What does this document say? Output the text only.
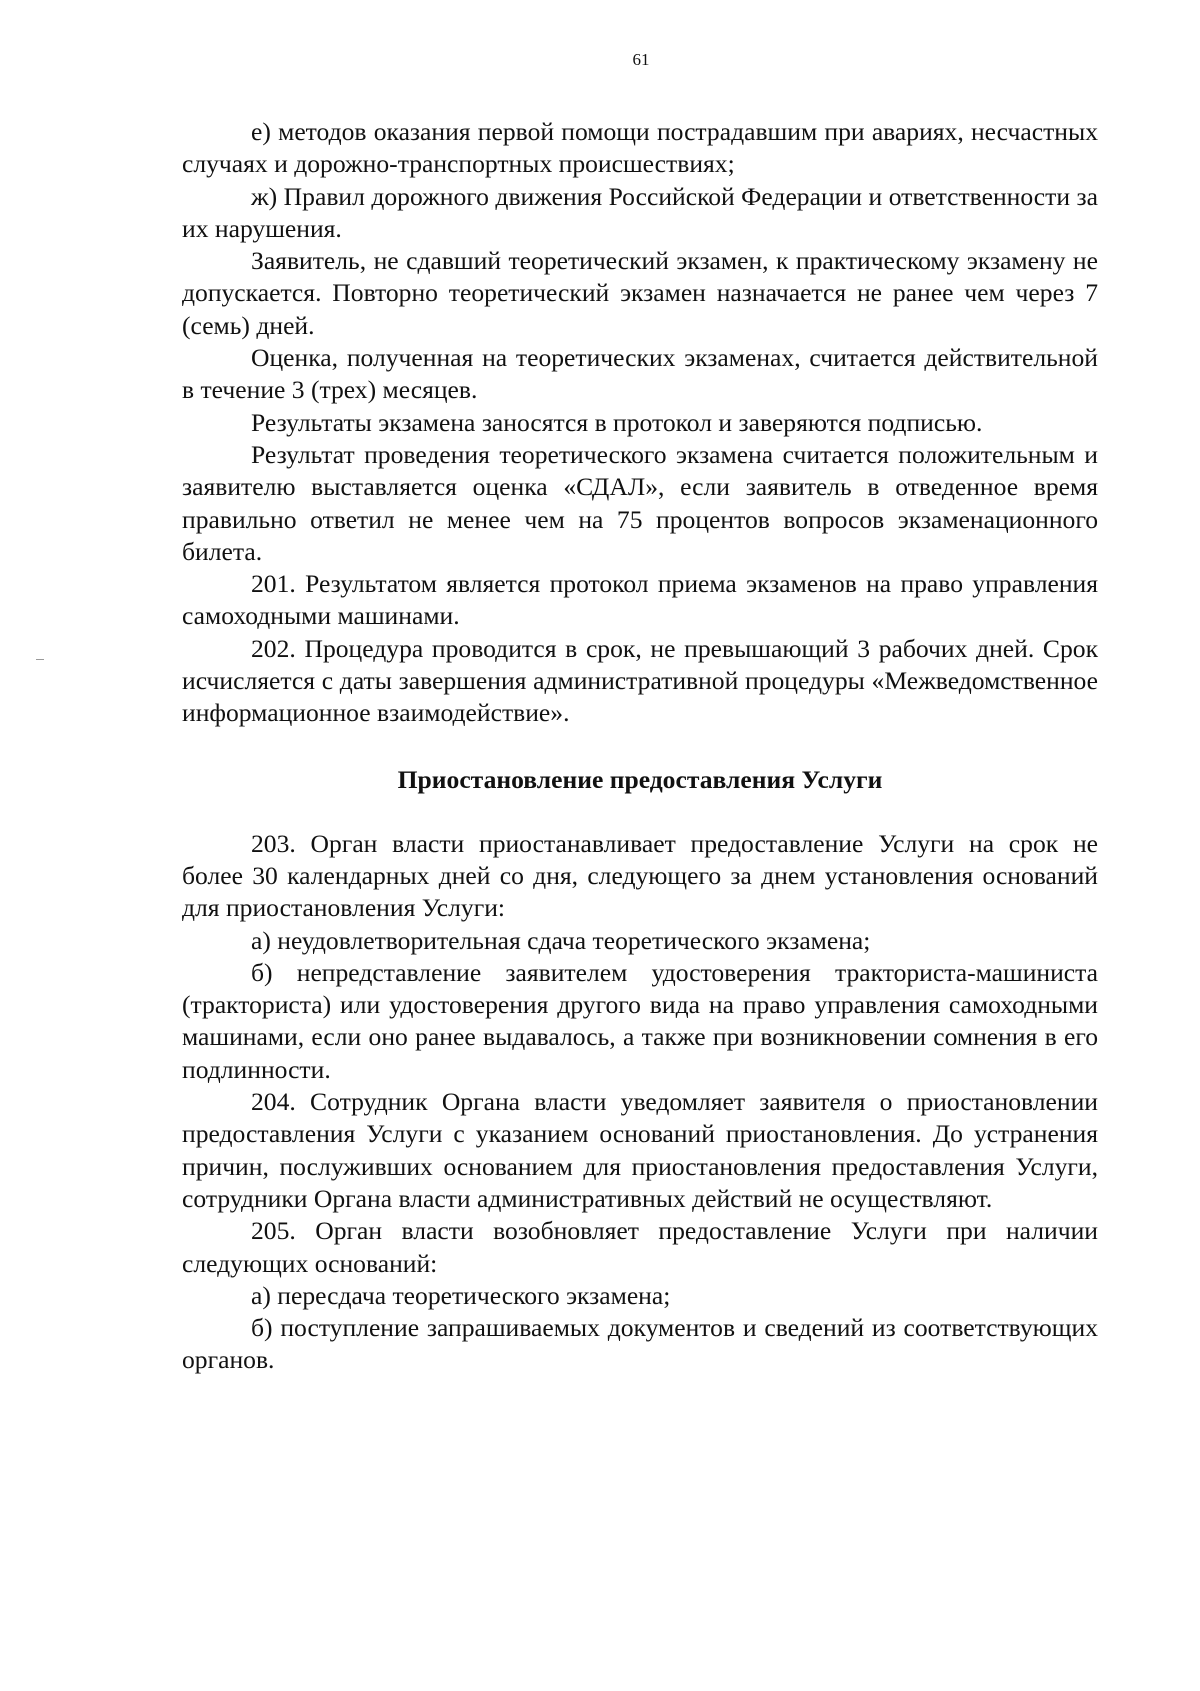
61

е) методов оказания первой помощи пострадавшим при авариях, несчастных случаях и дорожно-транспортных происшествиях;

ж) Правил дорожного движения Российской Федерации и ответственности за их нарушения.

Заявитель, не сдавший теоретический экзамен, к практическому экзамену не допускается. Повторно теоретический экзамен назначается не ранее чем через 7 (семь) дней.

Оценка, полученная на теоретических экзаменах, считается действительной в течение 3 (трех) месяцев.

Результаты экзамена заносятся в протокол и заверяются подписью.

Результат проведения теоретического экзамена считается положительным и заявителю выставляется оценка «СДАЛ», если заявитель в отведенное время правильно ответил не менее чем на 75 процентов вопросов экзаменационного билета.

201. Результатом является протокол приема экзаменов на право управления самоходными машинами.

202. Процедура проводится в срок, не превышающий 3 рабочих дней. Срок исчисляется с даты завершения административной процедуры «Межведомственное информационное взаимодействие».

Приостановление предоставления Услуги

203. Орган власти приостанавливает предоставление Услуги на срок не более 30 календарных дней со дня, следующего за днем установления оснований для приостановления Услуги:

а) неудовлетворительная сдача теоретического экзамена;

б) непредставление заявителем удостоверения тракториста-машиниста (тракториста) или удостоверения другого вида на право управления самоходными машинами, если оно ранее выдавалось, а также при возникновении сомнения в его подлинности.

204. Сотрудник Органа власти уведомляет заявителя о приостановлении предоставления Услуги с указанием оснований приостановления. До устранения причин, послуживших основанием для приостановления предоставления Услуги, сотрудники Органа власти административных действий не осуществляют.

205. Орган власти возобновляет предоставление Услуги при наличии следующих оснований:

а) пересдача теоретического экзамена;

б) поступление запрашиваемых документов и сведений из соответствующих органов.
